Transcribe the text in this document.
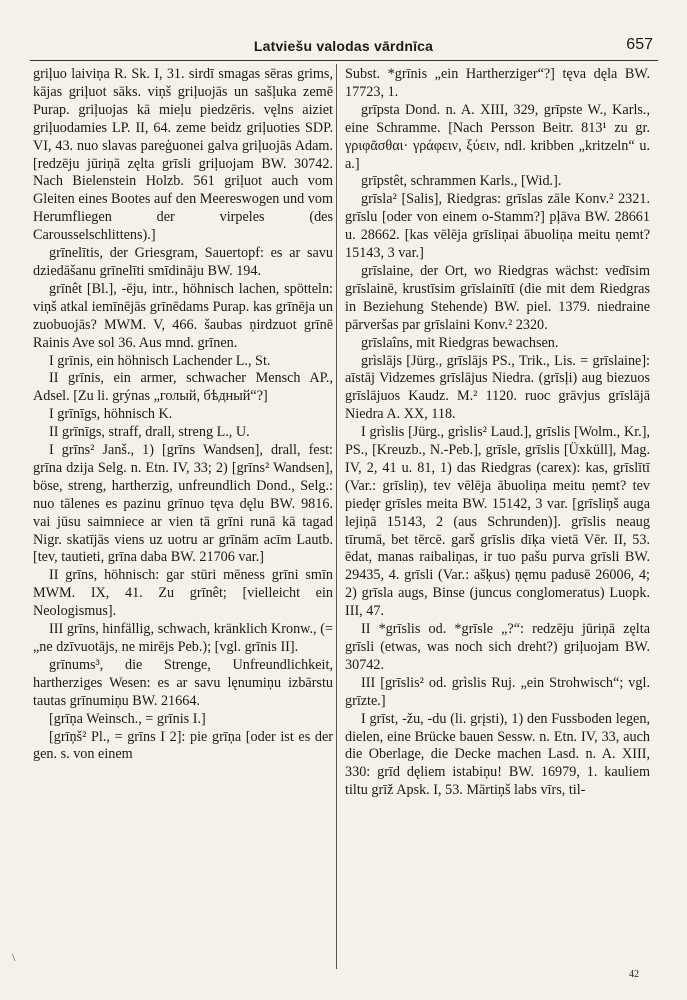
Latviešu valodas vārdnīca	657

griļuo laiviņa R. Sk. I, 31. sirdī smagas sēras grims, kājas griļuot sāks. viņš griļuojās un sašļuka zemē Purap. griļuojas kā mieļu piedzēris. vęlns aiziet griļuodamies LP. II, 64. zeme beidz griļuoties SDP. VI, 43. nuo slavas pareģuonei galva griļuojās Adam. [redzēju jūriņā zęlta grīsli griļuojam BW. 30742. Nach Bielenstein Holzb. 561 griļuot auch vom Gleiten eines Bootes auf den Meereswogen und vom Herumfliegen der virpeles (des Carousselschlittens).]

grīnelītis, der Griesgram, Sauertopf: es ar savu dziedāšanu grīnelīti smīdināju BW. 194.

grīnêt [Bl.], -ēju, intr., höhnisch lachen, spötteln: viņš atkal iemīnējās grīnēdams Purap. kas grīnēja un zuobuojās? MWM. V, 466. šaubas ņirdzuot grīnē Rainis Ave sol 36. Aus mnd. grīnen.

I grīnis, ein höhnisch Lachender L., St.

II grīnis, ein armer, schwacher Mensch AP., Adsel. [Zu li. grýnas „голый, бѣдный“?]

I grīnīgs, höhnisch K.

II grīnīgs, straff, drall, streng L., U.

I grīns² Janš., 1) [grīns Wandsen], drall, fest: grīna dzija Selg. n. Etn. IV, 33; 2) [grīns² Wandsen], böse, streng, hartherzig, unfreundlich Dond., Selg.: nuo tālenes es pazinu grīnuo tęva dęlu BW. 9816. vai jūsu saimniece ar vien tā grīni runā kā tagad Nigr. skatījās viens uz uotru ar grīnām acīm Lautb. [tev, tautieti, grīna daba BW. 21706 var.]

II grīns, höhnisch: gar stūri mēness grīni smīn MWM. IX, 41. Zu grīnêt; [vielleicht ein Neologismus].

III grīns, hinfällig, schwach, kränklich Kronw., (= „ne dzīvuotājs, ne mirējs Peb.); [vgl. grīnis II].

grīnums³, die Strenge, Unfreundlichkeit, hartherziges Wesen: es ar savu lęnumiņu izbārstu tautas grīnumiņu BW. 21664.

[grīņa Weinsch., = grīnis I.]

[grīņš² Pl., = grīns I 2]: pie grīņa [oder ist es der gen. s. von einem

Subst. *grīnis „ein Hartherziger“?] tęva dęla BW. 17723, 1.

grīpsta Dond. n. A. XIII, 329, grīpste W., Karls., eine Schramme. [Nach Persson Beitr. 813¹ zu gr. γριφᾶσθαι· γράφειν, ξύειν, ndl. kribben „kritzeln“ u. a.]

grīpstêt, schrammen Karls., [Wid.].

grīsla² [Salis], Riedgras: grīslas zāle Konv.² 2321. grīslu [oder von einem o-Stamm?] pļāva BW. 28661 u. 28662. [kas vēlēja grīsliņai ābuoliņa meitu ņemt? 15143, 3 var.]

grīslaine, der Ort, wo Riedgras wächst: vedīsim grīslainē, krustīsim grīslainītī (die mit dem Riedgras in Beziehung Stehende) BW. piel. 1379. niedraine pārveršas par grīslaini Konv.² 2320.

grīslaîns, mit Riedgras bewachsen.

grìslājs [Jürg., grīslājs PS., Trik., Lis. = grīslaine]: aīstāj Vidzemes grīslājus Niedra. (grīsļi) aug biezuos grīslājuos Kaudz. M.² 1120. ruoc grāvjus grīslājā Niedra A. XX, 118.

I grìslis [Jürg., grìslis² Laud.], grīslis [Wolm., Kr.], PS., [Kreuzb., N.-Peb.], grīsle, grīslis [Üxküll], Mag. IV, 2, 41 u. 81, 1) das Riedgras (carex): kas, grīslītī (Var.: grīsliņ), tev vēlēja ābuoliņa meitu ņemt? tev piedęr grīsles meita BW. 15142, 3 var. [grīsliņš auga lejiņā 15143, 2 (aus Schrunden)]. grīslis neaug tīrumā, bet tērcē. garš grīslis dīķa vietā Vēr. II, 53. ēdat, manas raibaliņas, ir tuo pašu purva grīsli BW. 29435, 4. grīsli (Var.: ašķus) ņęmu padusē 26006, 4; 2) grīsla augs, Binse (juncus conglomeratus) Luopk. III, 47.

II *grīslis od. *grīsle „?“: redzēju jūriņā zęlta grīsli (etwas, was noch sich dreht?) griļuojam BW. 30742.

III [grīslis² od. grìslis Ruj. „ein Strohwisch“; vgl. grīzte.]

I grīst, -žu, -du (li. grįsti), 1) den Fussboden legen, dielen, eine Brücke bauen Sessw. n. Etn. IV, 33, auch die Oberlage, die Decke machen Lasd. n. A. XIII, 330: grīd dęliem istabiņu! BW. 16979, 1. kauliem tiltu grīž Apsk. I, 53. Mārtiņš labs vīrs, til-

\
42
